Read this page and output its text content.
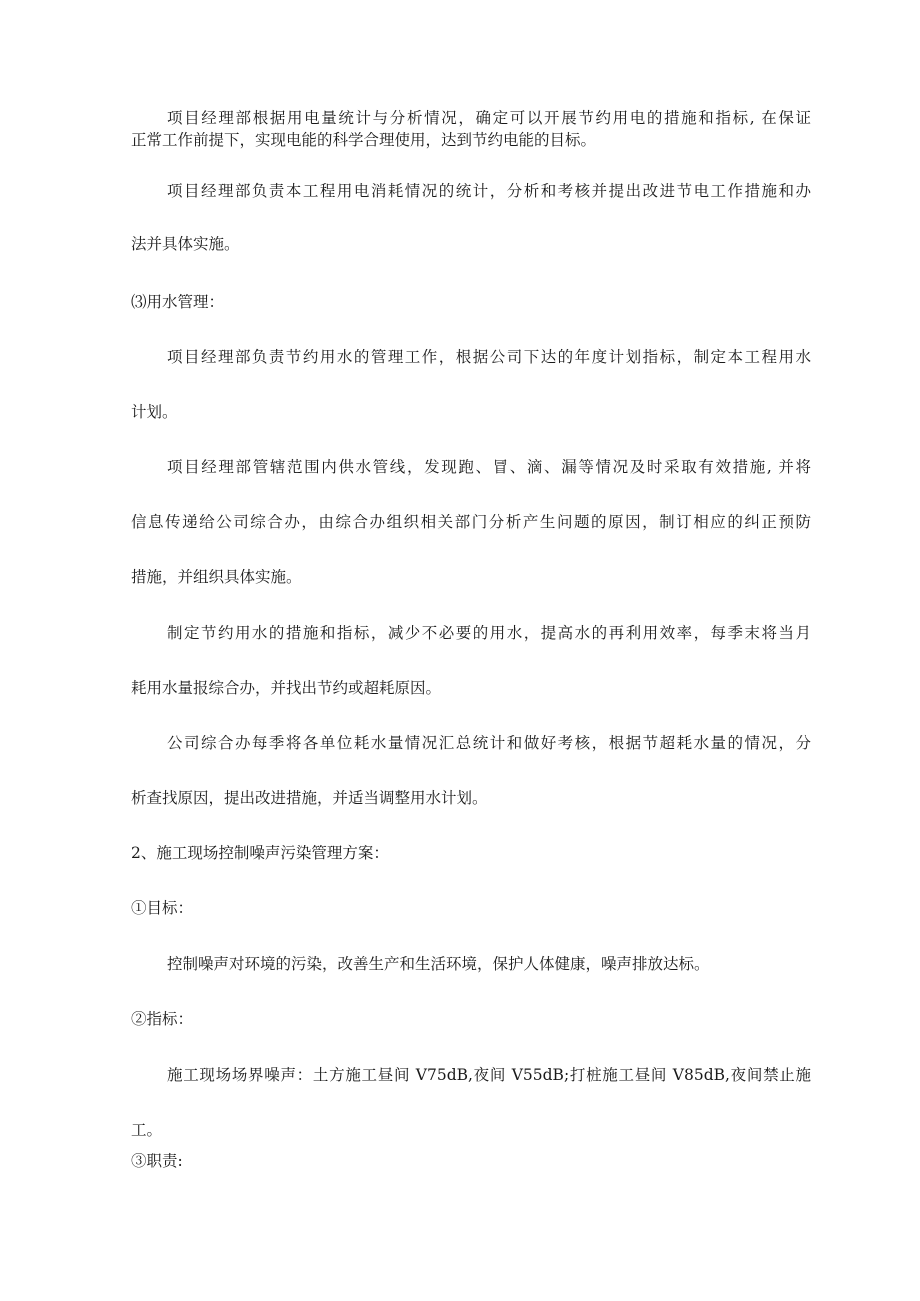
项目经理部根据用电量统计与分析情况，确定可以开展节约用电的措施和指标, 在保证

正常工作前提下，实现电能的科学合理使用，达到节约电能的目标。

项目经理部负责本工程用电消耗情况的统计，分析和考核并提出改进节电工作措施和办

法并具体实施。

⑶用水管理：

项目经理部负责节约用水的管理工作，根据公司下达的年度计划指标，制定本工程用水

计划。

项目经理部管辖范围内供水管线，发现跑、冒、滴、漏等情况及时采取有效措施, 并将

信息传递给公司综合办，由综合办组织相关部门分析产生问题的原因，制订相应的纠正预防

措施，并组织具体实施。

制定节约用水的措施和指标，减少不必要的用水，提高水的再利用效率，每季末将当月

耗用水量报综合办，并找出节约或超耗原因。

公司综合办每季将各单位耗水量情况汇总统计和做好考核，根据节超耗水量的情况，分

析查找原因，提出改进措施，并适当调整用水计划。

2、施工现场控制噪声污染管理方案：

①目标：

控制噪声对环境的污染，改善生产和生活环境，保护人体健康，噪声排放达标。

②指标：

施工现场场界噪声：土方施工昼间 V75dB,夜间 V55dB;打桩施工昼间 V85dB,夜间禁止施

工。

③职责:
